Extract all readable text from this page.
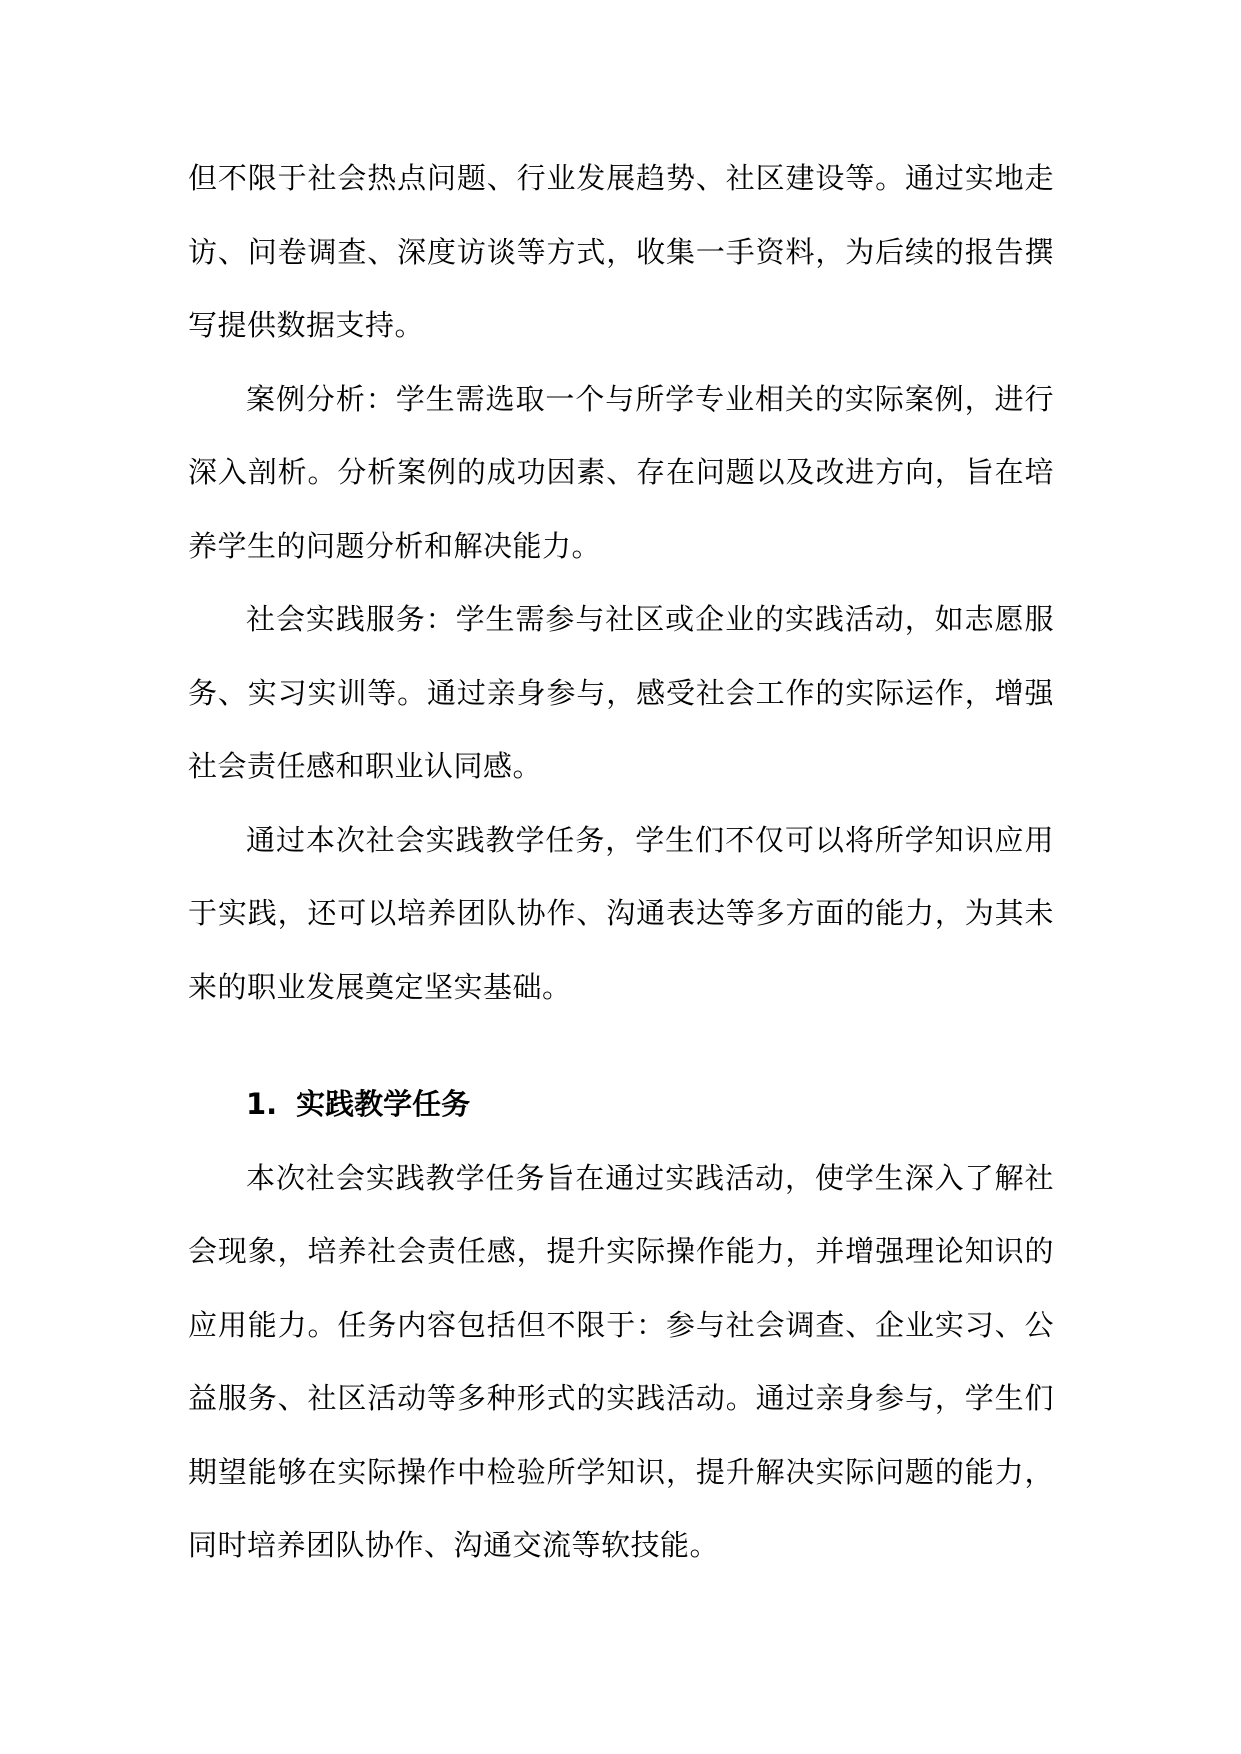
但不限于社会热点问题、行业发展趋势、社区建设等。通过实地走访、问卷调查、深度访谈等方式，收集一手资料，为后续的报告撰写提供数据支持。

案例分析：学生需选取一个与所学专业相关的实际案例，进行深入剖析。分析案例的成功因素、存在问题以及改进方向，旨在培养学生的问题分析和解决能力。

社会实践服务：学生需参与社区或企业的实践活动，如志愿服务、实习实训等。通过亲身参与，感受社会工作的实际运作，增强社会责任感和职业认同感。

通过本次社会实践教学任务，学生们不仅可以将所学知识应用于实践，还可以培养团队协作、沟通表达等多方面的能力，为其未来的职业发展奠定坚实基础。

1. 实践教学任务

本次社会实践教学任务旨在通过实践活动，使学生深入了解社会现象，培养社会责任感，提升实际操作能力，并增强理论知识的应用能力。任务内容包括但不限于：参与社会调查、企业实习、公益服务、社区活动等多种形式的实践活动。通过亲身参与，学生们期望能够在实际操作中检验所学知识，提升解决实际问题的能力，同时培养团队协作、沟通交流等软技能。
